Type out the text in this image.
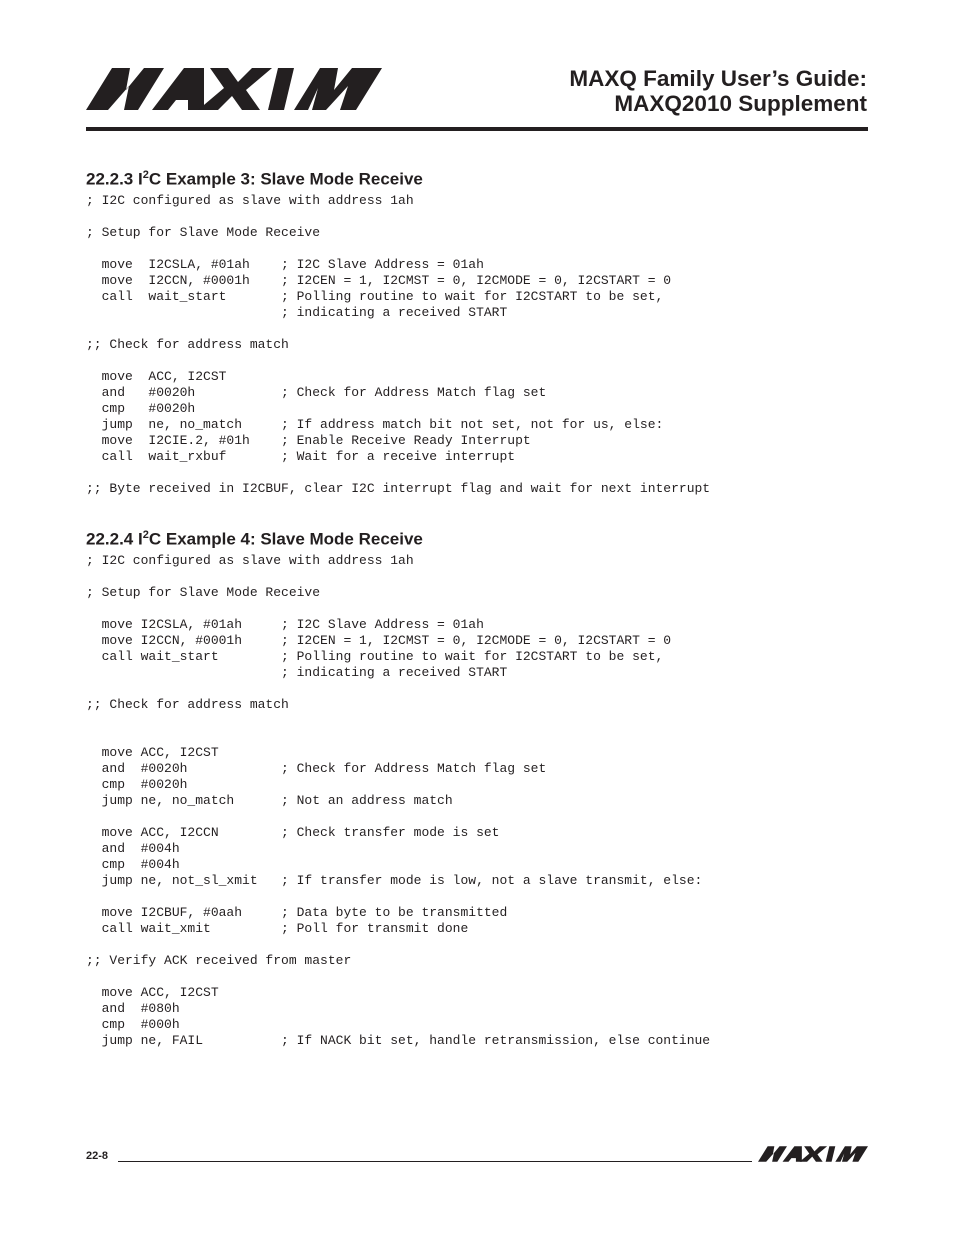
MAXQ Family User’s Guide:
MAXQ2010 Supplement
22.2.3 $I^2C$ Example 3: Slave Mode Receive
; I2C configured as slave with address 1ah
; Setup for Slave Mode Receive
move  I2CSLA, #01ah    ; I2C Slave Address = 01ah
move  I2CCN, #0001h    ; I2CEN = 1, I2CMST = 0, I2CMODE = 0, I2CSTART = 0
call  wait_start       ; Polling routine to wait for I2CSTART to be set,
; indicating a received START
;; Check for address match
move  ACC, I2CST
and   #0020h           ; Check for Address Match flag set
cmp   #0020h
jump  ne, no_match     ; If address match bit not set, not for us, else:
move  I2CIE.2, #01h    ; Enable Receive Ready Interrupt
call  wait_rxbuf       ; Wait for a receive interrupt
;; Byte received in I2CBUF, clear I2C interrupt flag and wait for next interrupt
22.2.4 $I^2C$ Example 4: Slave Mode Receive
; I2C configured as slave with address 1ah
; Setup for Slave Mode Receive
move I2CSLA, #01ah     ; I2C Slave Address = 01ah
move I2CCN, #0001h     ; I2CEN = 1, I2CMST = 0, I2CMODE = 0, I2CSTART = 0
call wait_start        ; Polling routine to wait for I2CSTART to be set,
; indicating a received START
;; Check for address match
move ACC, I2CST
and  #0020h            ; Check for Address Match flag set
cmp  #0020h
jump ne, no_match      ; Not an address match
move ACC, I2CCN        ; Check transfer mode is set
and  #004h
cmp  #004h
jump ne, not_sl_xmit   ; If transfer mode is low, not a slave transmit, else:
move I2CBUF, #0aah     ; Data byte to be transmitted
call wait_xmit         ; Poll for transmit done
;; Verify ACK received from master
move ACC, I2CST
and  #080h
cmp  #000h
jump ne, FAIL          ; If NACK bit set, handle retransmission, else continue
22-8
